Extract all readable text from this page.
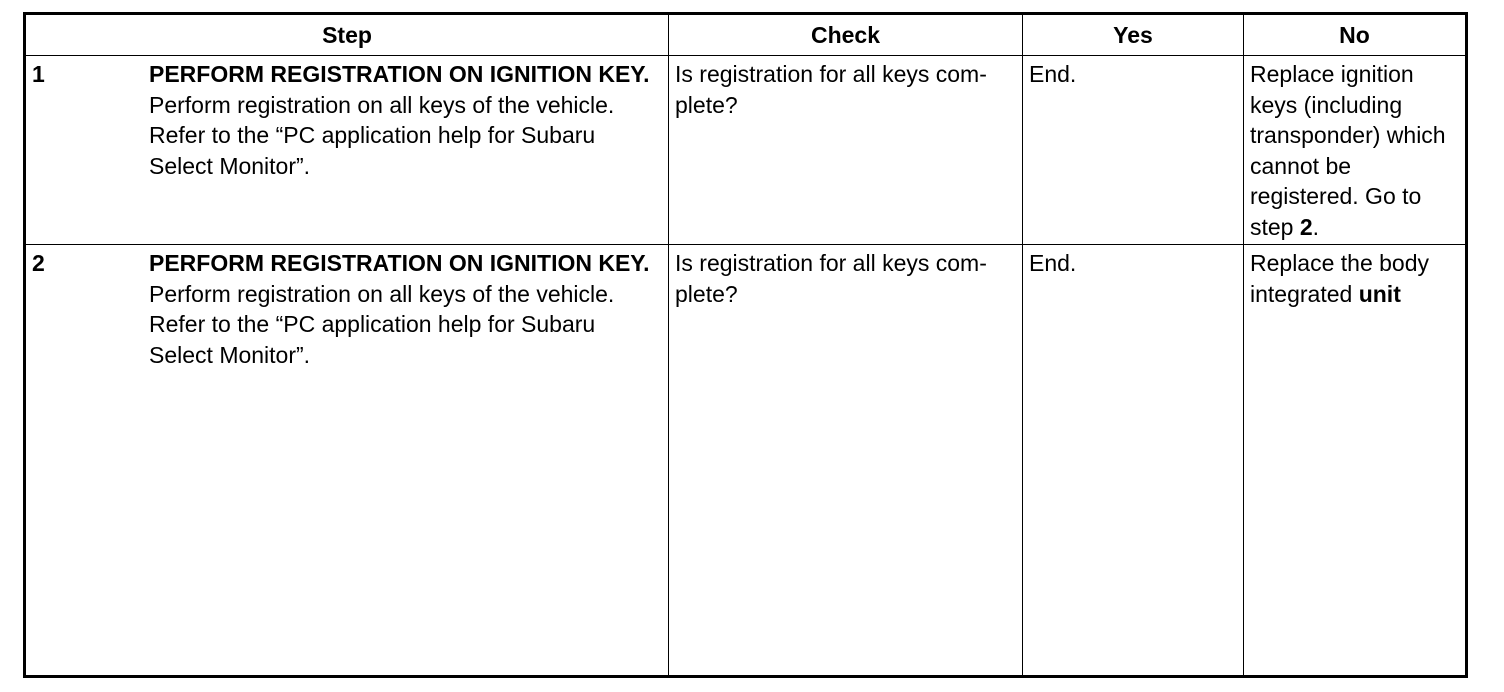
Step	Check	Yes	No

1 PERFORM REGISTRATION ON IGNITION KEY.
Perform registration on all keys of the vehicle. Refer to the “PC application help for Subaru Select Monitor”.	Is registration for all keys com-plete?	End.	Replace ignition keys (including transponder) which cannot be registered. Go to step 2.

2 PERFORM REGISTRATION ON IGNITION KEY.
Perform registration on all keys of the vehicle. Refer to the “PC application help for Subaru Select Monitor”.	Is registration for all keys com-plete?	End.	Replace the body integrated unit
